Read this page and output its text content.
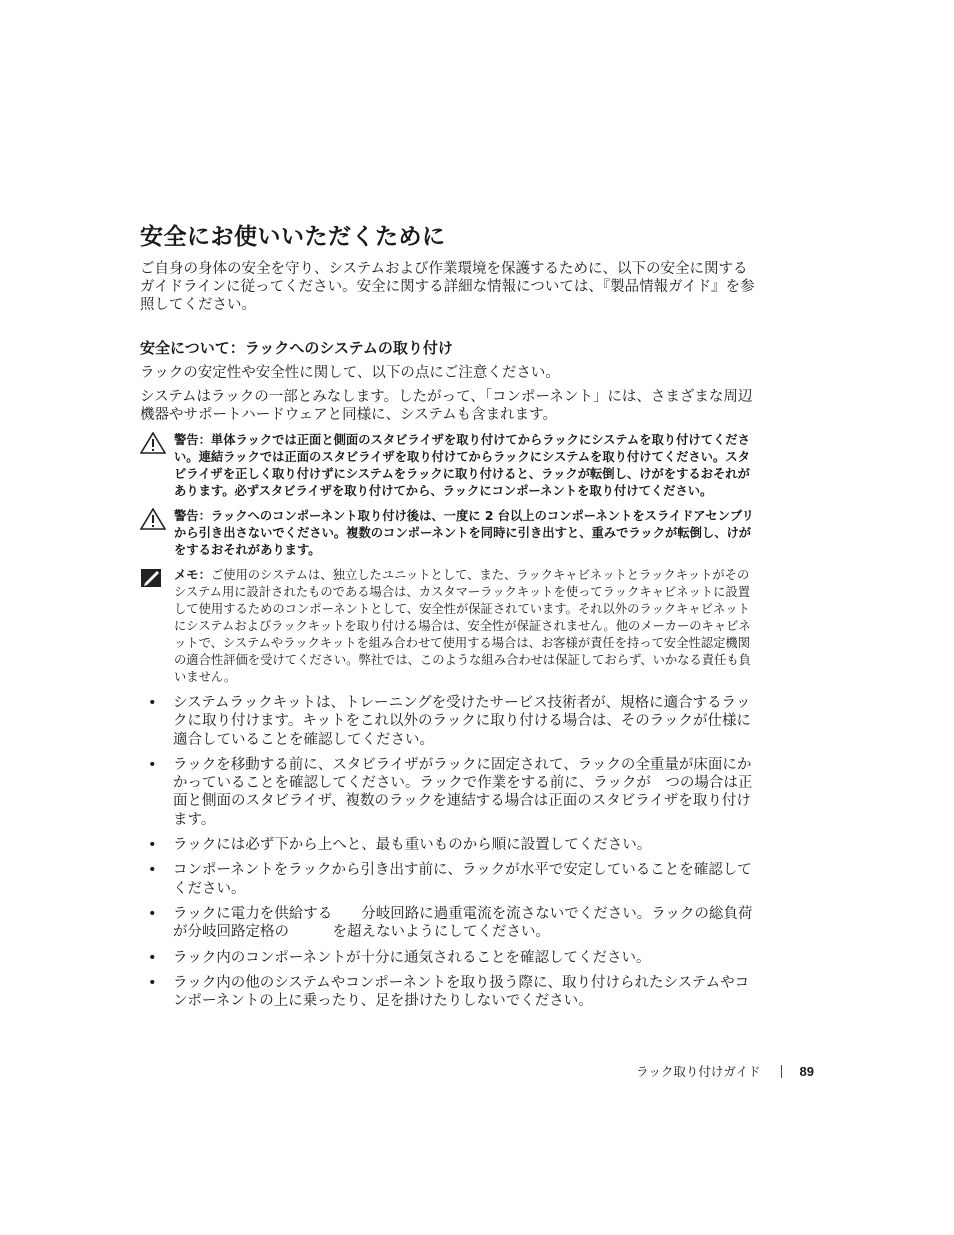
安全にお使いいただくために
ご自身の身体の安全を守り、システムおよび作業環境を保護するために、以下の安全に関するガイドラインに従ってください。安全に関する詳細な情報については、『製品情報ガイド』を参照してください。
安全について：ラックへのシステムの取り付け
ラックの安定性や安全性に関して、以下の点にご注意ください。
システムはラックの一部とみなします。したがって、「コンポーネント」には、さまざまな周辺機器やサポートハードウェアと同様に、システムも含まれます。
警告：単体ラックでは正面と側面のスタビライザを取り付けてからラックにシステムを取り付けてください。連結ラックでは正面のスタビライザを取り付けてからラックにシステムを取り付けてください。スタビライザを正しく取り付けずにシステムをラックに取り付けると、ラックが転倒し、けがをするおそれがあります。必ずスタビライザを取り付けてから、ラックにコンポーネントを取り付けてください。
警告：ラックへのコンポーネント取り付け後は、一度に 2 台以上のコンポーネントをスライドアセンブリから引き出さないでください。複数のコンポーネントを同時に引き出すと、重みでラックが転倒し、けがをするおそれがあります。
メモ：ご使用のシステムは、独立したユニットとして、また、ラックキャビネットとラックキットがそのシステム用に設計されたものである場合は、カスタマーラックキットを使ってラックキャビネットに設置して使用するためのコンポーネントとして、安全性が保証されています。それ以外のラックキャビネットにシステムおよびラックキットを取り付ける場合は、安全性が保証されません。他のメーカーのキャビネットで、システムやラックキットを組み合わせて使用する場合は、お客様が責任を持って安全性認定機関の適合性評価を受けてください。弊社では、このような組み合わせは保証しておらず、いかなる責任も負いません。
• システムラックキットは、トレーニングを受けたサービス技術者が、規格に適合するラックに取り付けます。キットをこれ以外のラックに取り付ける場合は、そのラックが仕様に適合していることを確認してください。
• ラックを移動する前に、スタビライザがラックに固定されて、ラックの全重量が床面にかかっていることを確認してください。ラックで作業をする前に、ラックが　つの場合は正面と側面のスタビライザ、複数のラックを連結する場合は正面のスタビライザを取り付けます。
• ラックには必ず下から上へと、最も重いものから順に設置してください。
• コンポーネントをラックから引き出す前に、ラックが水平で安定していることを確認してください。
• ラックに電力を供給する　　分岐回路に過重電流を流さないでください。ラックの総負荷が分岐回路定格の　　　を超えないようにしてください。
• ラック内のコンポーネントが十分に通気されることを確認してください。
• ラック内の他のシステムやコンポーネントを取り扱う際に、取り付けられたシステムやコンポーネントの上に乗ったり、足を掛けたりしないでください。
ラック取り付けガイド	89
